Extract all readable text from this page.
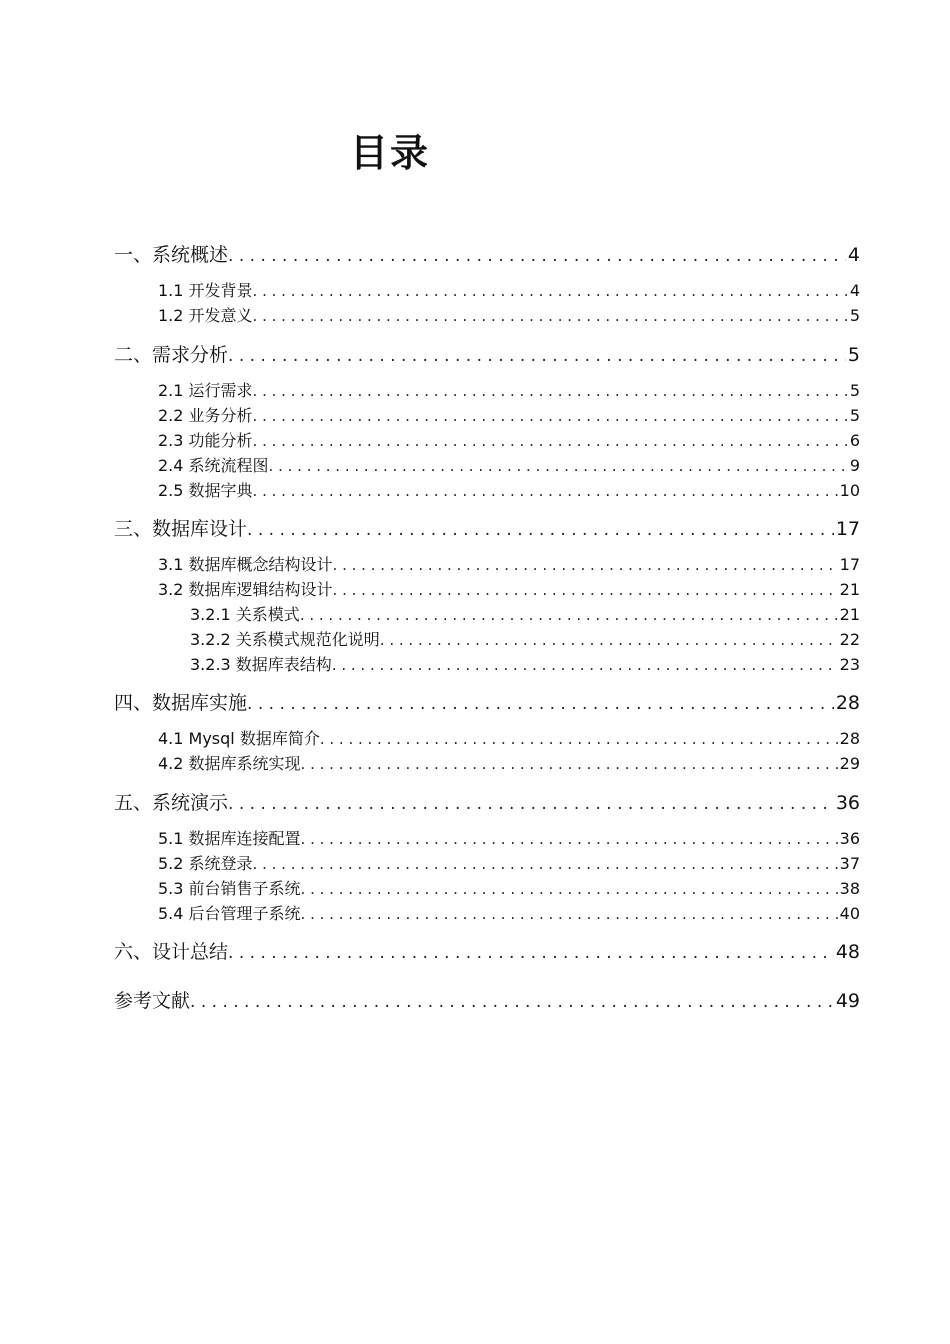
目录
一、系统概述 . . .	4
1.1 开发背景 . . .	4
1.2 开发意义 . . .	5
二、需求分析 . . .	5
2.1 运行需求 . . .	5
2.2 业务分析 . . .	5
2.3 功能分析 . . .	6
2.4 系统流程图 . . .	9
2.5 数据字典 . . .	10
三、数据库设计 . . .	17
3.1 数据库概念结构设计 . . .	17
3.2 数据库逻辑结构设计 . . .	21
3.2.1 关系模式 . . .	21
3.2.2 关系模式规范化说明 . . .	22
3.2.3 数据库表结构 . . .	23
四、数据库实施 . . .	28
4.1 Mysql 数据库简介 . . .	28
4.2 数据库系统实现 . . .	29
五、系统演示 . . .	36
5.1 数据库连接配置 . . .	36
5.2 系统登录 . . .	37
5.3 前台销售子系统 . . .	38
5.4 后台管理子系统 . . .	40
六、设计总结 . . .	48
参考文献 . . .	49
